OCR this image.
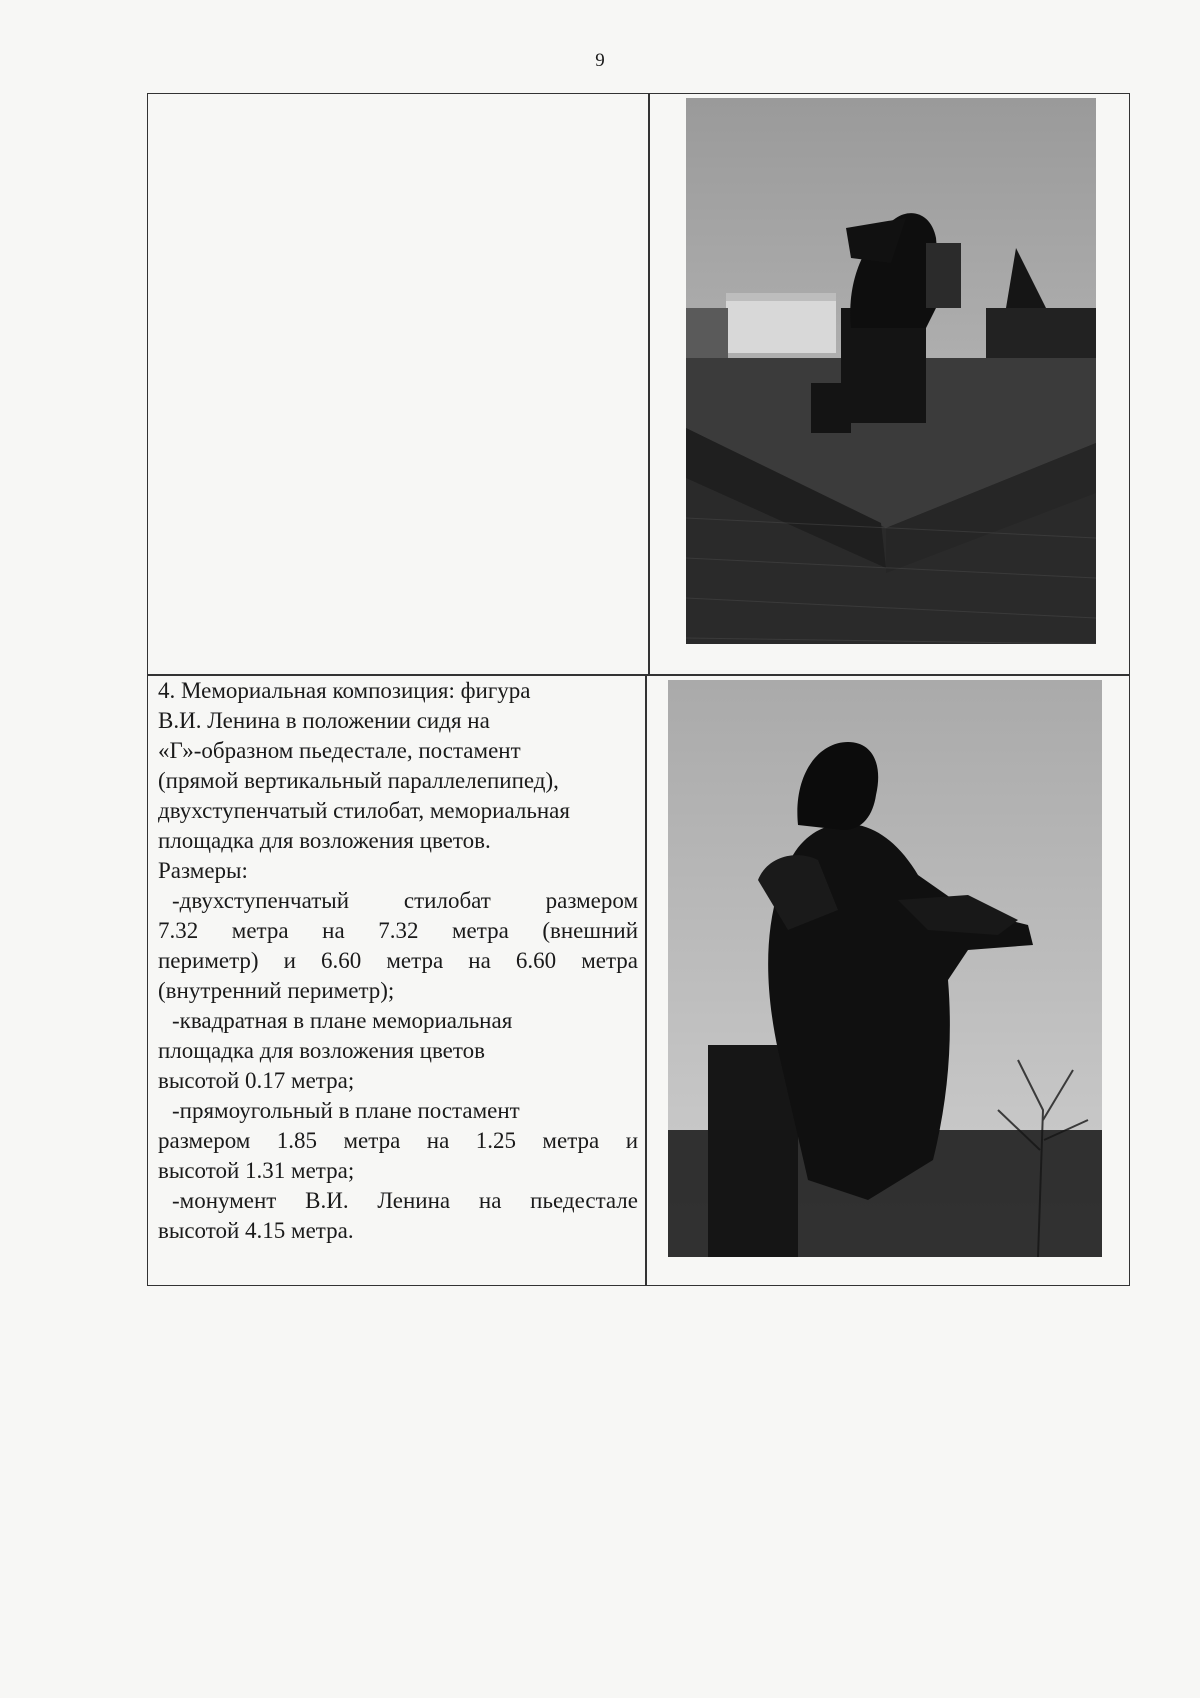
9

4. Мемориальная композиция: фигура

В.И. Ленина в положении сидя на

«Г»-образном пьедестале, постамент

(прямой вертикальный параллелепипед),

двухступенчатый стилобат, мемориальная

площадка для возложения цветов.

Размеры:

-двухступенчатый стилобат размером

7.32 метра на 7.32 метра (внешний

периметр) и 6.60 метра на 6.60 метра

(внутренний периметр);

-квадратная в плане мемориальная

площадка для возложения цветов

высотой 0.17 метра;

-прямоугольный в плане постамент

размером 1.85 метра на 1.25 метра и

высотой 1.31 метра;

-монумент В.И. Ленина на пьедестале

высотой 4.15 метра.
